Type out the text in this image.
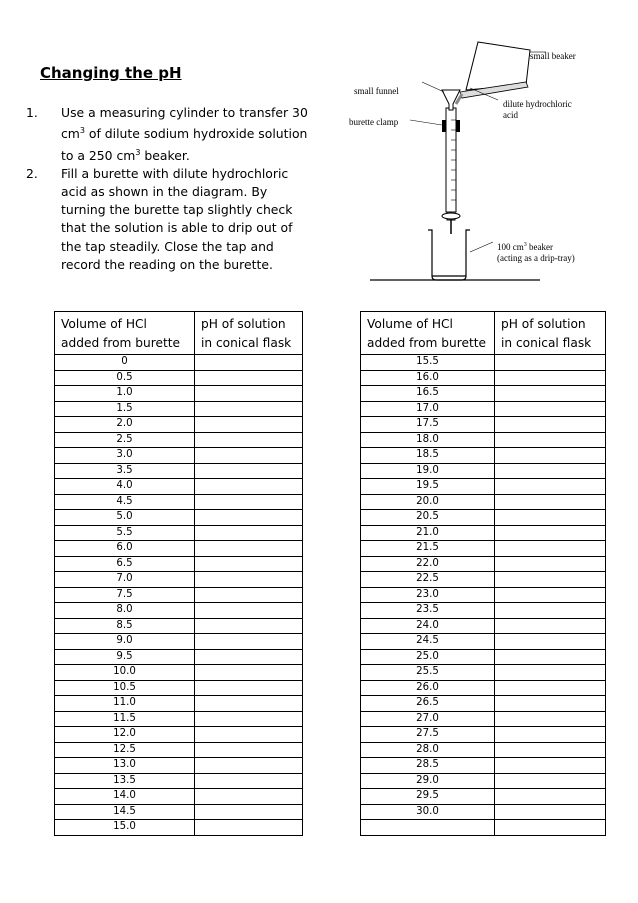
Changing the pH
1. Use a measuring cylinder to transfer 30 $cm^3$ of dilute sodium hydroxide solution to a 250 $cm^3$ beaker.
2. Fill a burette with dilute hydrochloric acid as shown in the diagram. By turning the burette tap slightly check that the solution is able to drip out of the tap steadily. Close the tap and record the reading on the burette.
small beaker
small funnel
dilute hydrochloric acid
burette clamp
100 $cm^3$ beaker
(acting as a drip-tray)
Volume of HCl added from burette	pH of solution in conical flask
0	
0.5	
1.0	
1.5	
2.0	
2.5	
3.0	
3.5	
4.0	
4.5	
5.0	
5.5	
6.0	
6.5	
7.0	
7.5	
8.0	
8.5	
9.0	
9.5	
10.0	
10.5	
11.0	
11.5	
12.0	
12.5	
13.0	
13.5	
14.0	
14.5	
15.0	
Volume of HCl added from burette	pH of solution in conical flask
15.5	
16.0	
16.5	
17.0	
17.5	
18.0	
18.5	
19.0	
19.5	
20.0	
20.5	
21.0	
21.5	
22.0	
22.5	
23.0	
23.5	
24.0	
24.5	
25.0	
25.5	
26.0	
26.5	
27.0	
27.5	
28.0	
28.5	
29.0	
29.5	
30.0	
